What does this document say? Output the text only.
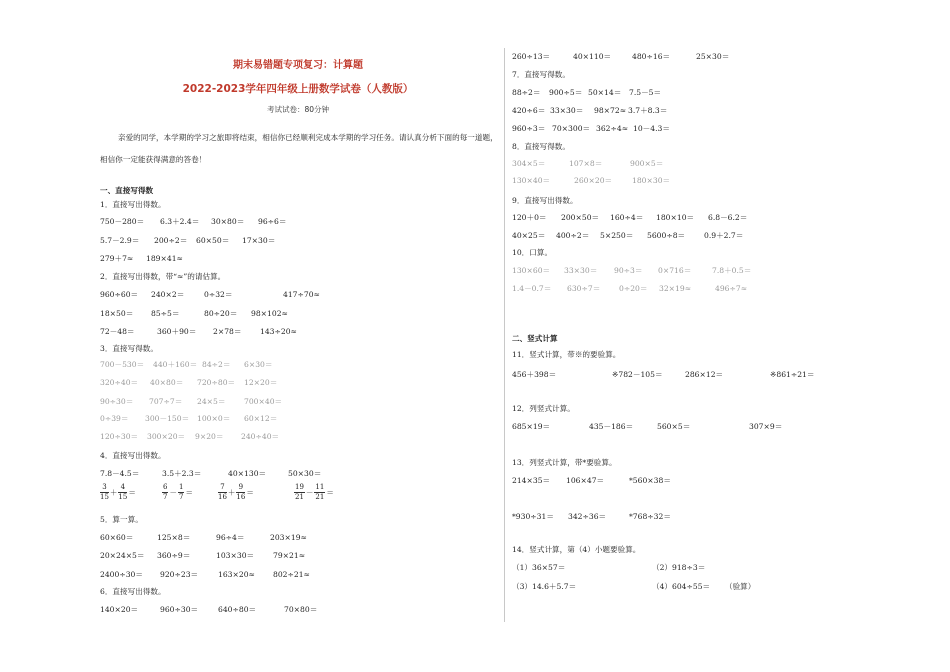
期末易错题专项复习：计算题
2022-2023学年四年级上册数学试卷（人教版）
考试试卷：80分钟
亲爱的同学，本学期的学习之旅即将结束，相信你已经顺利完成本学期的学习任务。请认真分析下面的每一道题，相信你一定能获得满意的答卷！
一、直接写得数
1．直接写出得数。
750－280＝ 6.3＋2.4＝ 30×80＝ 96÷6＝
5.7－2.9＝ 200÷2＝ 60×50＝ 17×30＝
279＋7≈ 189×41≈
2．直接写出得数，带“≈”的请估算。
960÷60＝ 240×2＝	0÷32＝	417÷70≈
18×50＝ 85÷5＝	80÷20＝ 98×102≈
72－48＝	360＋90＝ 2×78＝ 143÷20≈
3．直接写得数。
700－530＝ 440＋160＝ 84÷2＝ 6×30＝
320÷40＝ 40×80＝ 720÷80＝ 12×20＝
90÷30＝ 707÷7＝ 24×5＝ 700×40＝
0÷39＝ 300－150＝ 100×0＝ 60×12＝
120÷30＝ 300×20＝ 9×20＝ 240÷40＝
4．直接写出得数。
7.8－4.5＝	3.5＋2.3＝	40×130＝	50×30＝
$\frac{3}{15} + \frac{4}{15}$ ＝	$\frac{6}{7} - \frac{1}{7}$ ＝	$\frac{7}{16} + \frac{9}{16}$ ＝	$\frac{19}{21} - \frac{11}{21}$ ＝
5．算一算。
60×60＝	125×8＝	96÷4＝	203×19≈
20×24×5＝ 360÷9＝	103×30＝ 79×21≈
2400÷30＝ 920÷23＝	163×20≈ 802÷21≈
6．直接写出得数。
140×20＝	960÷30＝	640÷80＝	70×80＝
260÷13＝	40×110＝	480÷16＝	25×30＝
7．直接写得数。
88÷2＝ 900÷5＝ 50×14＝ 7.5－5＝
420÷6＝ 33×30＝ 98×72≈ 3.7＋8.3＝
960÷3＝ 70×300＝ 362÷4≈ 10－4.3＝
8．直接写得数。
304×5＝	107×8＝	900×5＝
130×40＝	260×20＝	180×30＝
9．直接写出得数。
120＋0＝ 200×50＝ 160÷4＝ 180×10＝ 6.8－6.2＝
40×25＝ 400÷2＝ 5×250＝ 5600÷8＝ 0.9＋2.7＝
10．口算。
130×60＝ 33×30＝ 90÷3＝ 0×716＝	7.8＋0.5＝
1.4－0.7＝ 630÷7＝ 0÷20＝ 32×19≈	496÷7≈
二、竖式计算
11．竖式计算，带※的要验算。
456＋398＝	※782－105＝	286×12＝	※861÷21＝
12．列竖式计算。
685×19＝	435－186＝	560×5＝	307×9＝
13．列竖式计算，带*要验算。
214×35＝ 106×47＝	*560×38＝
*930÷31＝ 342÷36＝	*768÷32＝
14．竖式计算，第（4）小题要验算。
（1）36×57＝	（2）918÷3＝
（3）14.6＋5.7＝	（4）604÷55＝ （验算）
